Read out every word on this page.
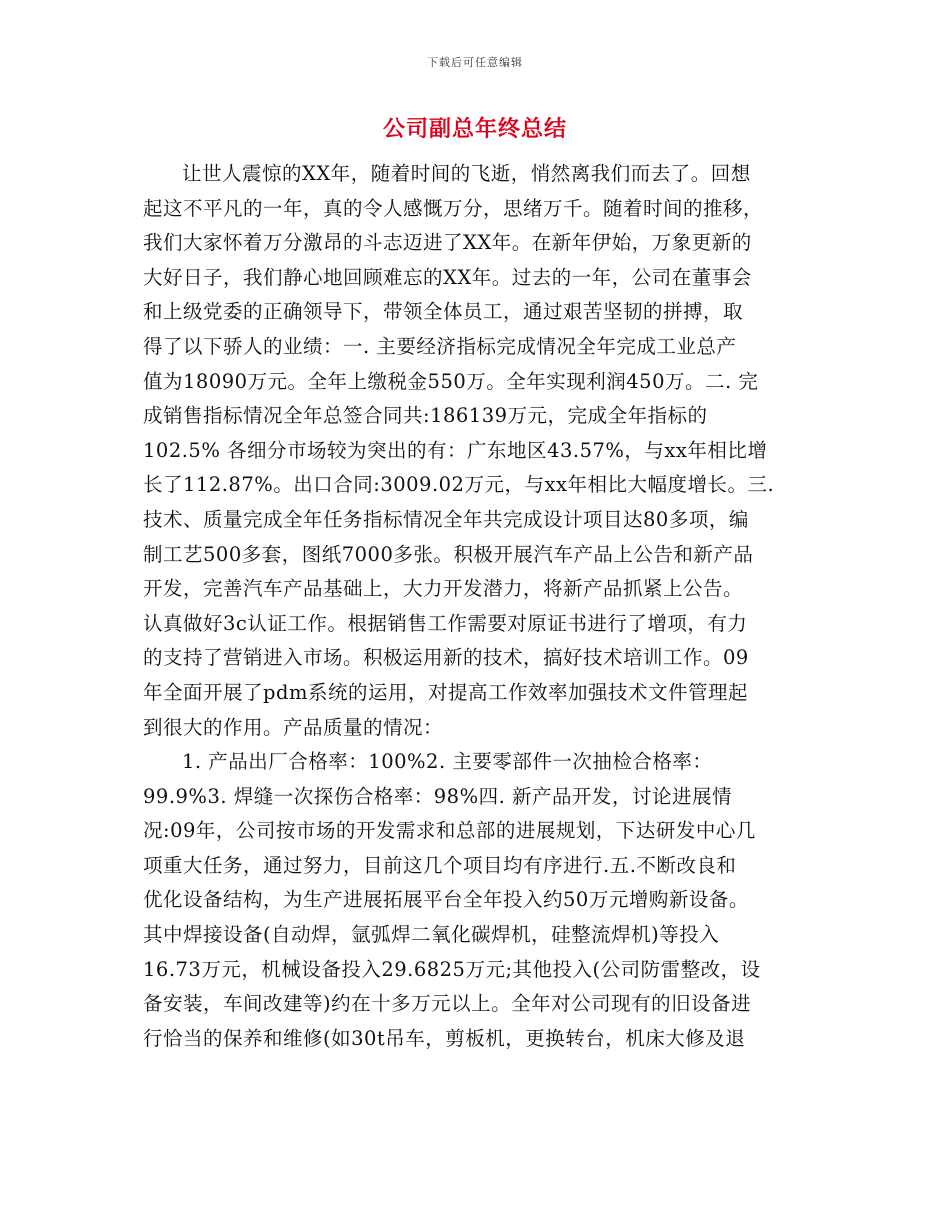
下载后可任意编辑
公司副总年终总结
让世人震惊的XX年，随着时间的飞逝，悄然离我们而去了。回想
起这不平凡的一年，真的令人感慨万分，思绪万千。随着时间的推移，
我们大家怀着万分激昂的斗志迈进了XX年。在新年伊始，万象更新的
大好日子，我们静心地回顾难忘的XX年。过去的一年，公司在董事会
和上级党委的正确领导下，带领全体员工，通过艰苦坚韧的拼搏，取
得了以下骄人的业绩：一. 主要经济指标完成情况全年完成工业总产
值为18090万元。全年上缴税金550万。全年实现利润450万。二. 完
成销售指标情况全年总签合同共:186139万元，完成全年指标的
102.5% 各细分市场较为突出的有：广东地区43.57%，与xx年相比增
长了112.87%。出口合同:3009.02万元，与xx年相比大幅度增长。三.
技术、质量完成全年任务指标情况全年共完成设计项目达80多项，编
制工艺500多套，图纸7000多张。积极开展汽车产品上公告和新产品
开发，完善汽车产品基础上，大力开发潜力，将新产品抓紧上公告。
认真做好3c认证工作。根据销售工作需要对原证书进行了增项，有力
的支持了营销进入市场。积极运用新的技术，搞好技术培训工作。09
年全面开展了pdm系统的运用，对提高工作效率加强技术文件管理起
到很大的作用。产品质量的情况：
1. 产品出厂合格率：100%2. 主要零部件一次抽检合格率：
99.9%3. 焊缝一次探伤合格率：98%四. 新产品开发，讨论进展情
况:09年，公司按市场的开发需求和总部的进展规划，下达研发中心几
项重大任务，通过努力，目前这几个项目均有序进行.五.不断改良和
优化设备结构，为生产进展拓展平台全年投入约50万元增购新设备。
其中焊接设备(自动焊，氩弧焊二氧化碳焊机，硅整流焊机)等投入
16.73万元，机械设备投入29.6825万元;其他投入(公司防雷整改，设
备安装，车间改建等)约在十多万元以上。全年对公司现有的旧设备进
行恰当的保养和维修(如30t吊车，剪板机，更换转台，机床大修及退
